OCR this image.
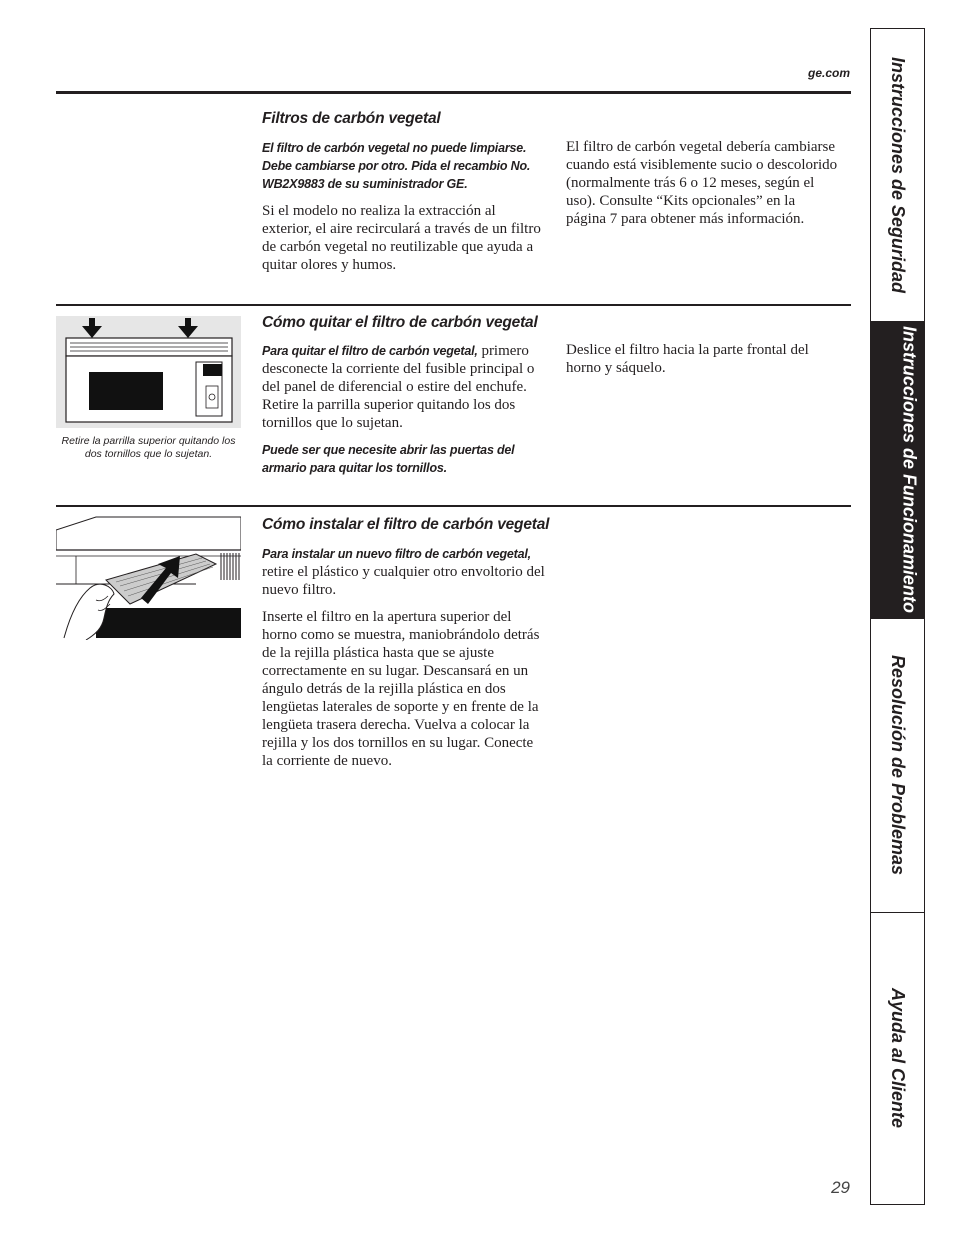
ge.com
Filtros de carbón vegetal
El filtro de carbón vegetal no puede limpiarse. Debe cambiarse por otro. Pida el recambio No. WB2X9883 de su suministrador GE.

Si el modelo no realiza la extracción al exterior, el aire recirculará a través de un filtro de carbón vegetal no reutilizable que ayuda a quitar olores y humos.

El filtro de carbón vegetal debería cambiarse cuando está visiblemente sucio o descolorido (normalmente trás 6 o 12 meses, según el uso). Consulte “Kits opcionales” en la página 7 para obtener más información.

Retire la parrilla superior quitando los dos tornillos que lo sujetan.
Cómo quitar el filtro de carbón vegetal

Para quitar el filtro de carbón vegetal, primero desconecte la corriente del fusible principal o del panel de diferencial o estire del enchufe. Retire la parrilla superior quitando los dos tornillos que lo sujetan.

Puede ser que necesite abrir las puertas del armario para quitar los tornillos.

Deslice el filtro hacia la parte frontal del horno y sáquelo.

Cómo instalar el filtro de carbón vegetal

Para instalar un nuevo filtro de carbón vegetal, retire el plástico y cualquier otro envoltorio del nuevo filtro.

Inserte el filtro en la apertura superior del horno como se muestra, maniobrándolo detrás de la rejilla plástica hasta que se ajuste correctamente en su lugar. Descansará en un ángulo detrás de la rejilla plástica en dos lengüetas laterales de soporte y en frente de la lengüeta trasera derecha. Vuelva a colocar la rejilla y los dos tornillos en su lugar. Conecte la corriente de nuevo.

Instrucciones de Seguridad
Instrucciones de Funcionamiento
Resolución de Problemas
Ayuda al Cliente
29
